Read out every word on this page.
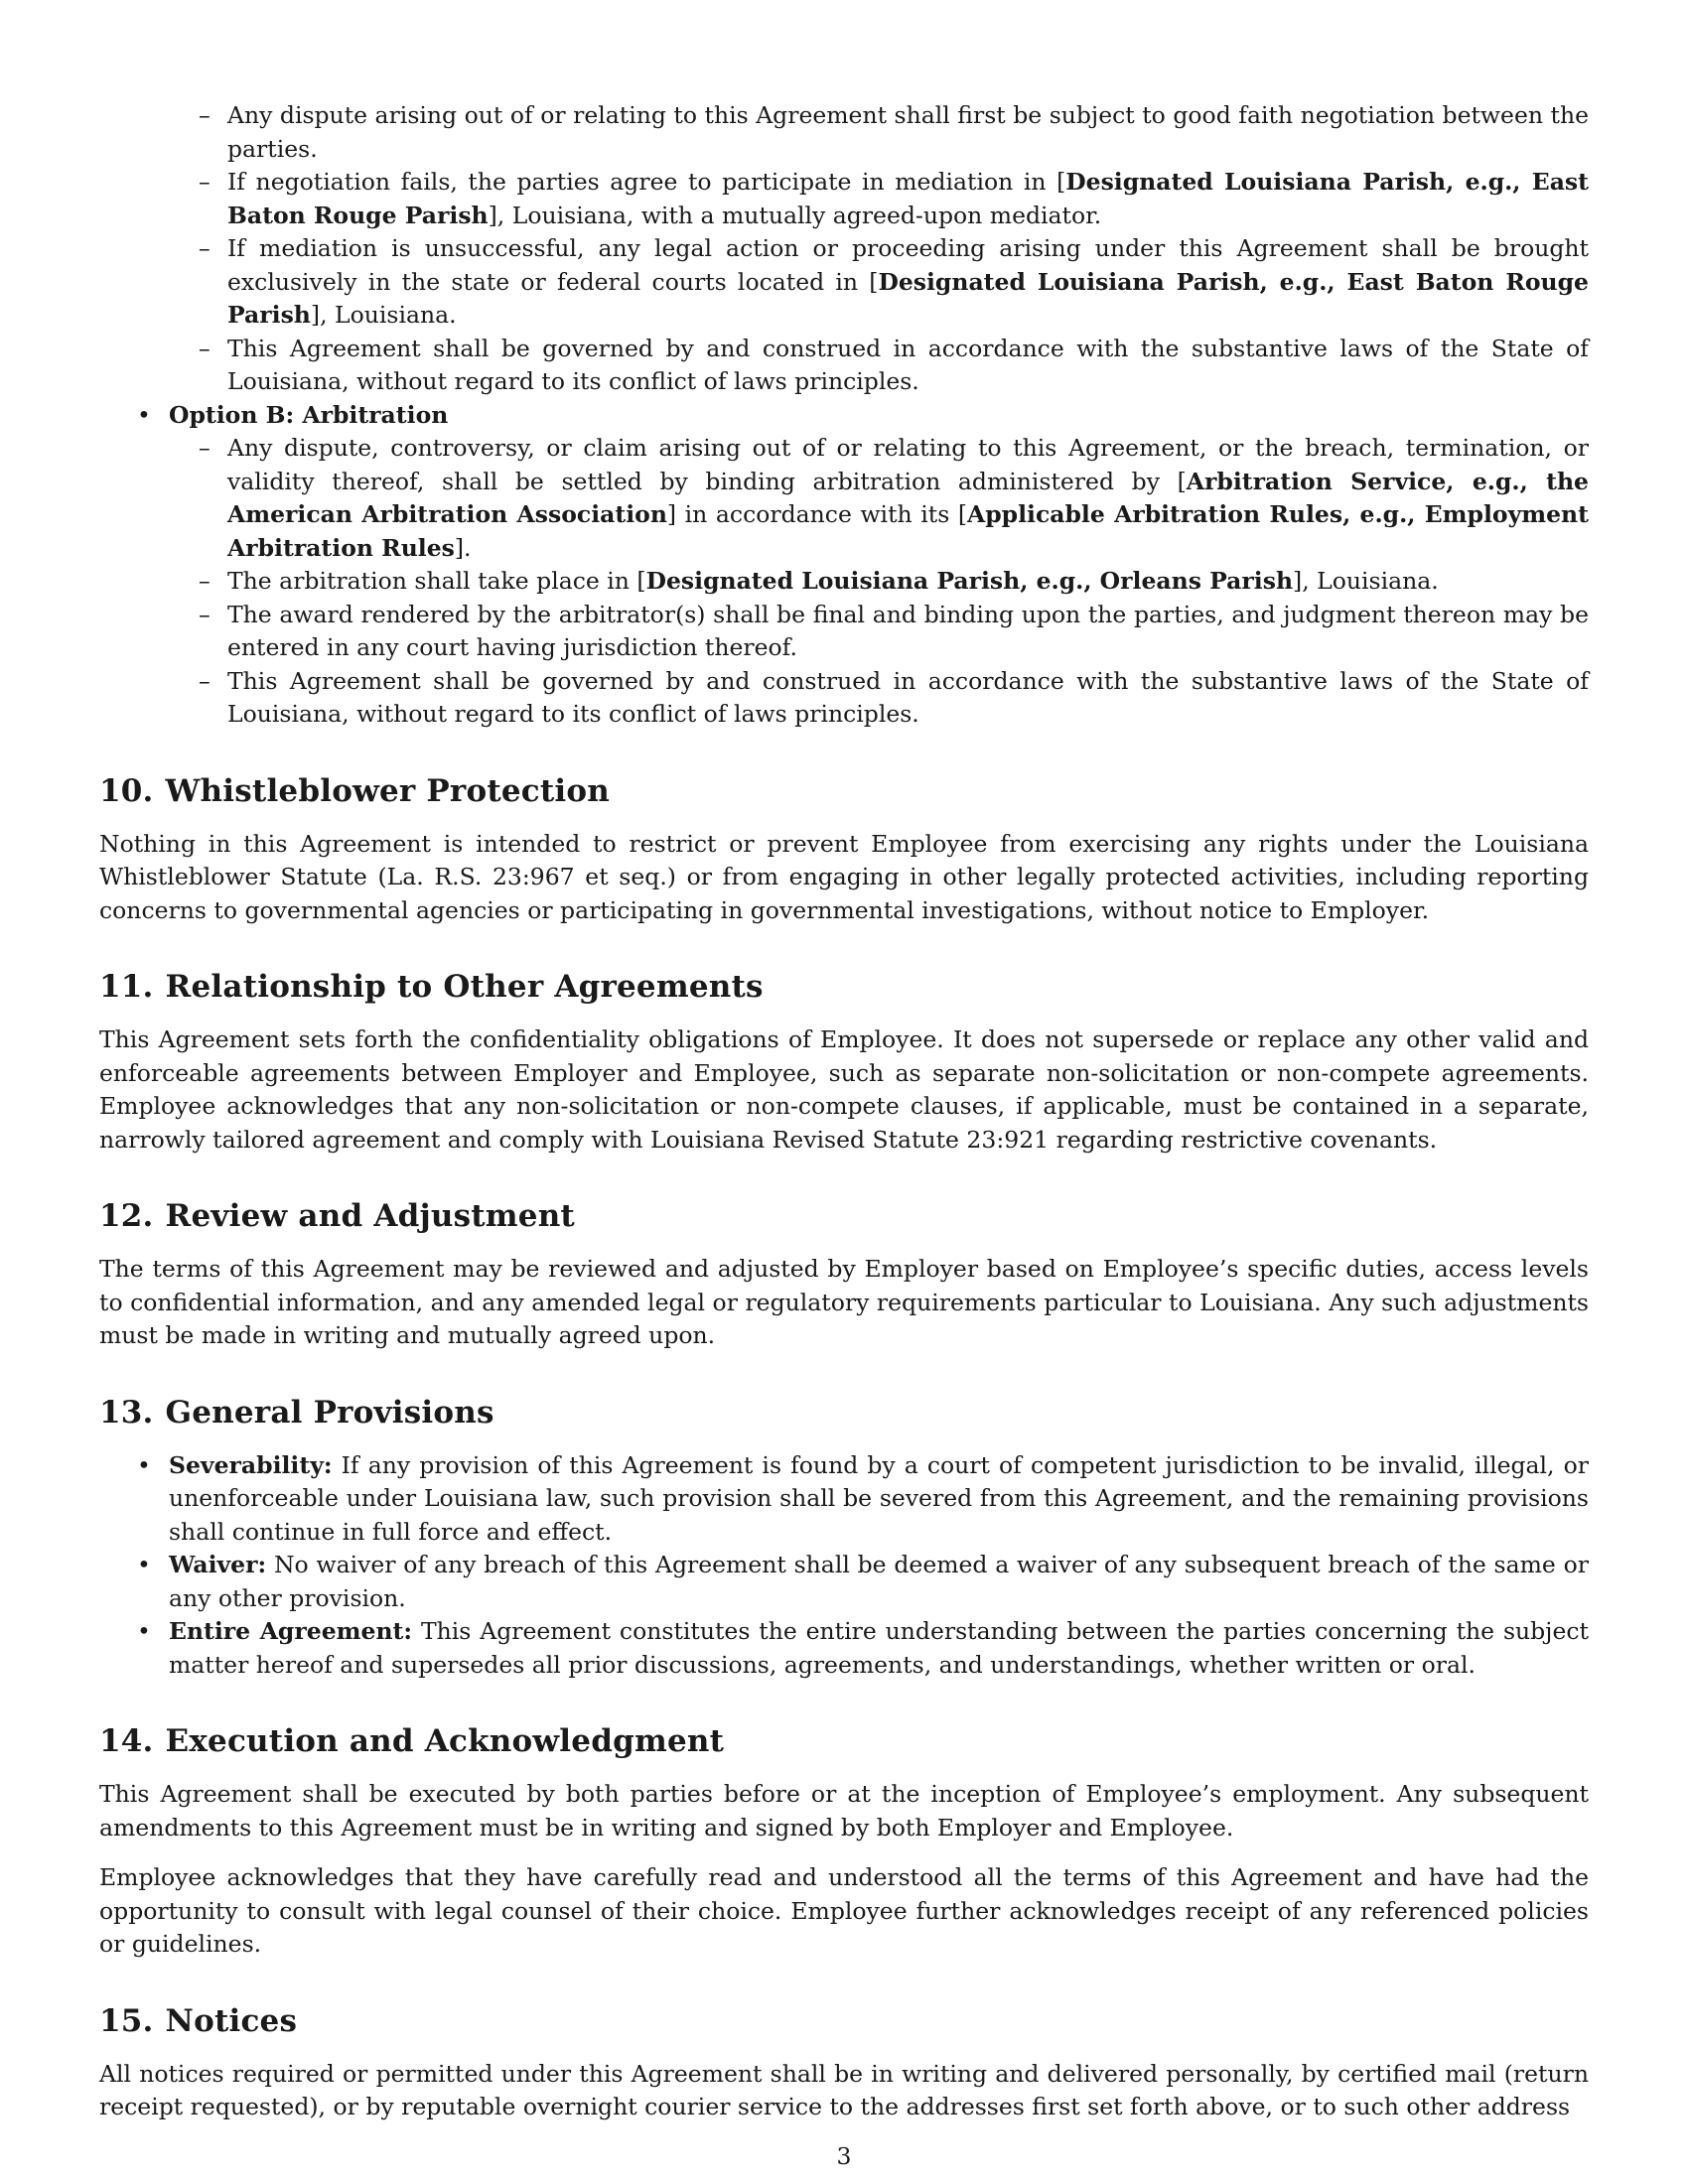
– Any dispute arising out of or relating to this Agreement shall first be subject to good faith negotiation between the parties.
– If negotiation fails, the parties agree to participate in mediation in [Designated Louisiana Parish, e.g., East Baton Rouge Parish], Louisiana, with a mutually agreed-upon mediator.
– If mediation is unsuccessful, any legal action or proceeding arising under this Agreement shall be brought exclusively in the state or federal courts located in [Designated Louisiana Parish, e.g., East Baton Rouge Parish], Louisiana.
– This Agreement shall be governed by and construed in accordance with the substantive laws of the State of Louisiana, without regard to its conflict of laws principles.
• Option B: Arbitration
– Any dispute, controversy, or claim arising out of or relating to this Agreement, or the breach, termination, or validity thereof, shall be settled by binding arbitration administered by [Arbitration Service, e.g., the American Arbitration Association] in accordance with its [Applicable Arbitration Rules, e.g., Employment Arbitration Rules].
– The arbitration shall take place in [Designated Louisiana Parish, e.g., Orleans Parish], Louisiana.
– The award rendered by the arbitrator(s) shall be final and binding upon the parties, and judgment thereon may be entered in any court having jurisdiction thereof.
– This Agreement shall be governed by and construed in accordance with the substantive laws of the State of Louisiana, without regard to its conflict of laws principles.
10. Whistleblower Protection

Nothing in this Agreement is intended to restrict or prevent Employee from exercising any rights under the Louisiana Whistleblower Statute (La. R.S. 23:967 et seq.) or from engaging in other legally protected activities, including reporting concerns to governmental agencies or participating in governmental investigations, without notice to Employer.

11. Relationship to Other Agreements

This Agreement sets forth the confidentiality obligations of Employee. It does not supersede or replace any other valid and enforceable agreements between Employer and Employee, such as separate non-solicitation or non-compete agreements. Employee acknowledges that any non-solicitation or non-compete clauses, if applicable, must be contained in a separate, narrowly tailored agreement and comply with Louisiana Revised Statute 23:921 regarding restrictive covenants.

12. Review and Adjustment

The terms of this Agreement may be reviewed and adjusted by Employer based on Employee’s specific duties, access levels to confidential information, and any amended legal or regulatory requirements particular to Louisiana. Any such adjustments must be made in writing and mutually agreed upon.

13. General Provisions
• Severability: If any provision of this Agreement is found by a court of competent jurisdiction to be invalid, illegal, or unenforceable under Louisiana law, such provision shall be severed from this Agreement, and the remaining provisions shall continue in full force and effect.
• Waiver: No waiver of any breach of this Agreement shall be deemed a waiver of any subsequent breach of the same or any other provision.
• Entire Agreement: This Agreement constitutes the entire understanding between the parties concerning the subject matter hereof and supersedes all prior discussions, agreements, and understandings, whether written or oral.
14. Execution and Acknowledgment

This Agreement shall be executed by both parties before or at the inception of Employee’s employment. Any subsequent amendments to this Agreement must be in writing and signed by both Employer and Employee.

Employee acknowledges that they have carefully read and understood all the terms of this Agreement and have had the opportunity to consult with legal counsel of their choice. Employee further acknowledges receipt of any referenced policies or guidelines.

15. Notices

All notices required or permitted under this Agreement shall be in writing and delivered personally, by certified mail (return receipt requested), or by reputable overnight courier service to the addresses first set forth above, or to such other address

3
